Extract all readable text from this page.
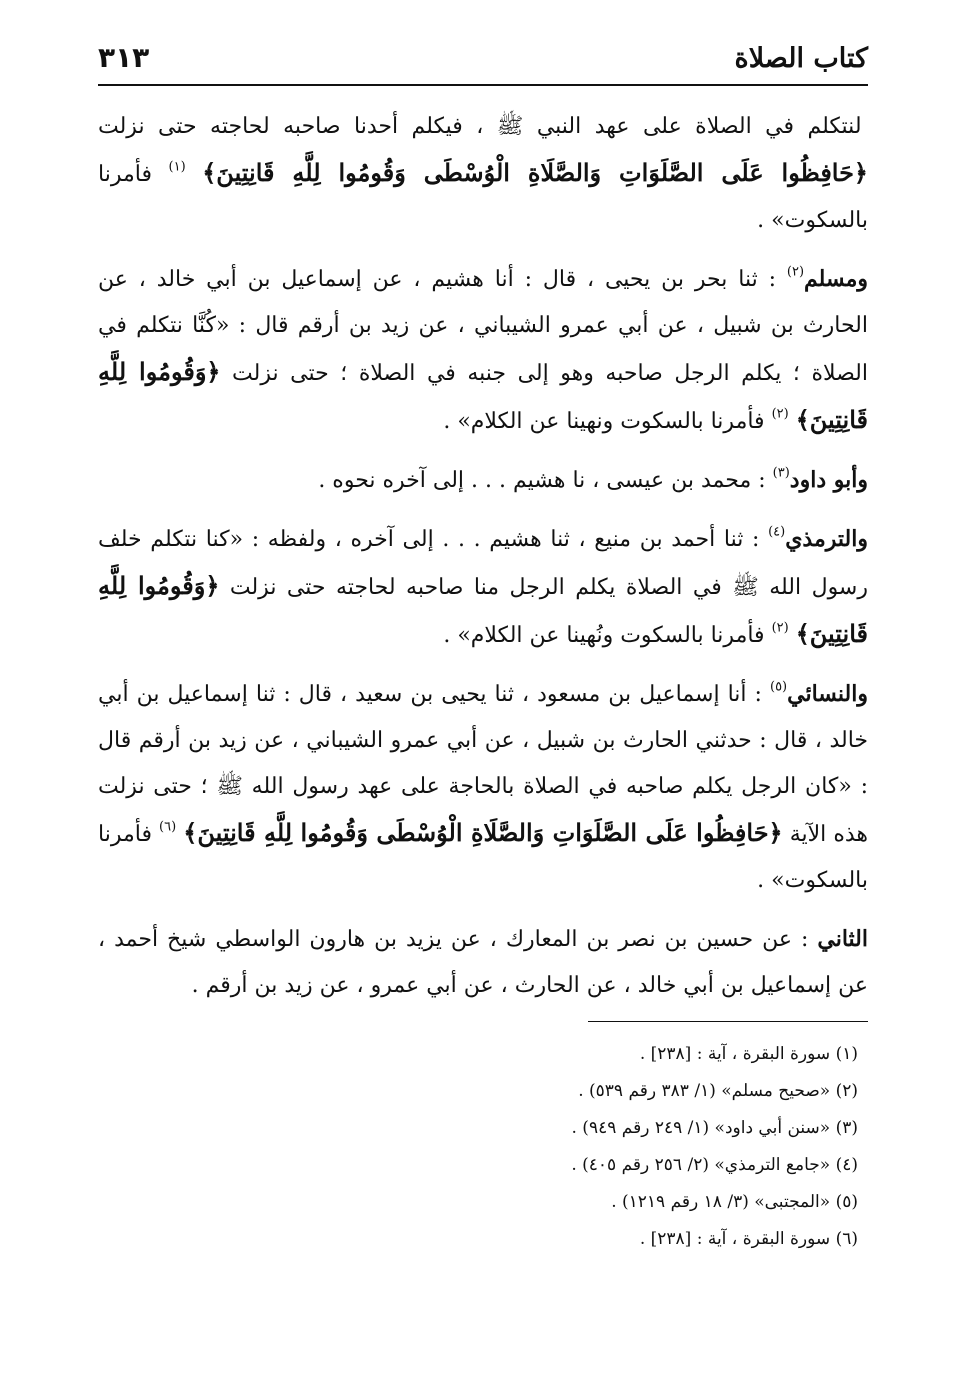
كتاب الصلاة
٣١٣

لنتكلم في الصلاة على عهد النبي ﷺ ، فيكلم أحدنا صاحبه لحاجته حتى نزلت ﴿حَافِظُوا عَلَى الصَّلَوَاتِ وَالصَّلَاةِ الْوُسْطَى وَقُومُوا لِلَّهِ قَانِتِينَ﴾ $^{(١)}$ فأمرنا بالسكوت» .

ومسلم$^{(٢)}$ : ثنا بحر بن يحيى ، قال : أنا هشيم ، عن إسماعيل بن أبي خالد ، عن الحارث بن شبيل ، عن أبي عمرو الشيباني ، عن زيد بن أرقم قال : «كُنَّا نتكلم في الصلاة ؛ يكلم الرجل صاحبه وهو إلى جنبه في الصلاة ؛ حتى نزلت ﴿وَقُومُوا لِلَّهِ قَانِتِينَ﴾ $^{(٢)}$ فأمرنا بالسكوت ونهينا عن الكلام» .

وأبو داود$^{(٣)}$ : محمد بن عيسى ، نا هشيم . . . إلى آخره نحوه .

والترمذي$^{(٤)}$ : ثنا أحمد بن منيع ، ثنا هشيم . . . إلى آخره ، ولفظه : «كنا نتكلم خلف رسول الله ﷺ في الصلاة يكلم الرجل منا صاحبه لحاجته حتى نزلت ﴿وَقُومُوا لِلَّهِ قَانِتِينَ﴾ $^{(٢)}$ فأمرنا بالسكوت ونُهينا عن الكلام» .

والنسائي$^{(٥)}$ : أنا إسماعيل بن مسعود ، ثنا يحيى بن سعيد ، قال : ثنا إسماعيل بن أبي خالد ، قال : حدثني الحارث بن شبيل ، عن أبي عمرو الشيباني ، عن زيد بن أرقم قال : «كان الرجل يكلم صاحبه في الصلاة بالحاجة على عهد رسول الله ﷺ ؛ حتى نزلت هذه الآية ﴿حَافِظُوا عَلَى الصَّلَوَاتِ وَالصَّلَاةِ الْوُسْطَى وَقُومُوا لِلَّهِ قَانِتِينَ﴾ $^{(٦)}$ فأمرنا بالسكوت» .

الثاني : عن حسين بن نصر بن المعارك ، عن يزيد بن هارون الواسطي شيخ أحمد ، عن إسماعيل بن أبي خالد ، عن الحارث ، عن أبي عمرو ، عن زيد بن أرقم .

(١) سورة البقرة ، آية : [٢٣٨] .
(٢) «صحيح مسلم» (١/ ٣٨٣ رقم ٥٣٩) .
(٣) «سنن أبي داود» (١/ ٢٤٩ رقم ٩٤٩) .
(٤) «جامع الترمذي» (٢/ ٢٥٦ رقم ٤٠٥) .
(٥) «المجتبى» (٣/ ١٨ رقم ١٢١٩) .
(٦) سورة البقرة ، آية : [٢٣٨] .
